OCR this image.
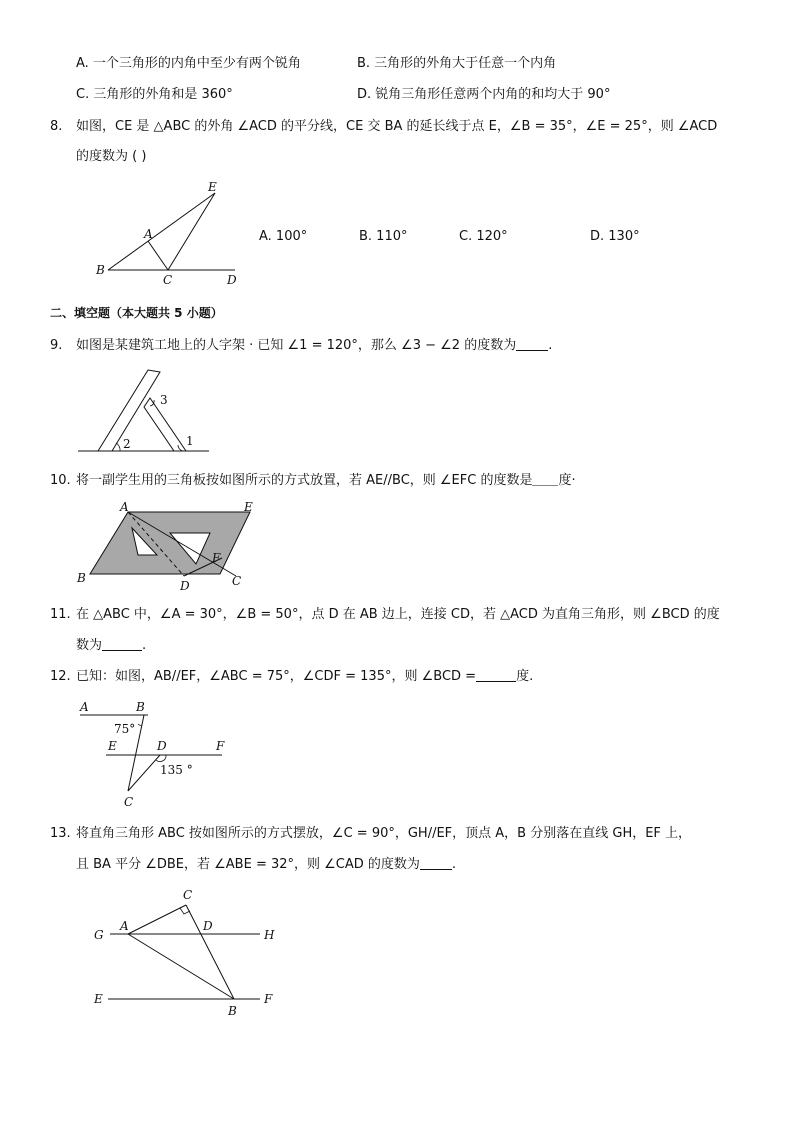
A. 一个三角形的内角中至少有两个锐角	B. 三角形的外角大于任意一个内角
C. 三角形的外角和是 360°	D. 锐角三角形任意两个内角的和均大于 90°
8. 如图，CE 是 △ABC 的外角 ∠ACD 的平分线，CE 交 BA 的延长线于点 E，∠B = 35°，∠E = 25°，则 ∠ACD
的度数为 ( )
E
A
B
C	D
A. 100°	B. 110°	C. 120°	D. 130°
二、填空题（本大题共 5 小题）
9. 如图是某建筑工地上的人字架 · 已知 ∠1 = 120°，那么 ∠3 − ∠2 的度数为 .
2	1
3
10. 将一副学生用的三角板按如图所示的方式放置，若 AE//BC，则 ∠EFC 的度数是 度·
A	E
B
D
F
C
11. 在 △ABC 中，∠A = 30°，∠B = 50°，点 D 在 AB 边上，连接 CD，若 △ACD 为直角三角形，则 ∠BCD 的度
数为	.
12. 已知：如图，AB//EF，∠ABC = 75°，∠CDF = 135°，则 ∠BCD =	度.
A	B
75°
E	D	F
135 °
C
13. 将直角三角形 ABC 按如图所示的方式摆放，∠C = 90°，GH//EF，顶点 A，B 分别落在直线 GH，EF 上，
且 BA 平分 ∠DBE，若 ∠ABE = 32°，则 ∠CAD 的度数为 .
C
G
A	D
H
E
B
F
